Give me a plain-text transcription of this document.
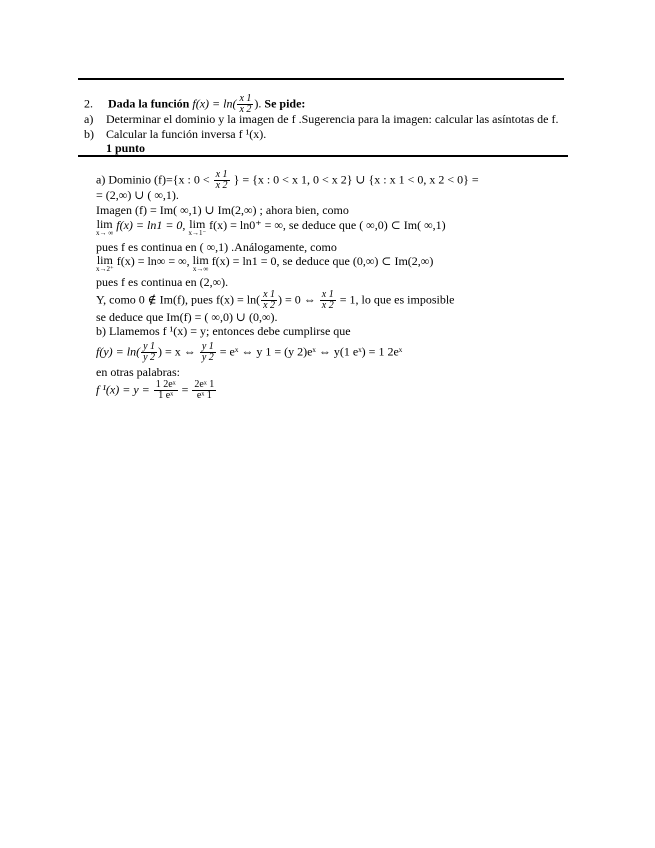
2. Dada la función $f(x) = \ln( \frac{x 1}{x 2}$ ). Se pide:
a) Determinar el dominio y la imagen de f .Sugerencia para la imagen: calcular las asíntotas de f.
b) Calcular la función inversa f ¹(x).
1 punto
a) Dominio (f)={x : $0 < \frac{x 1}{x 2}$ } = {x : 0 < x 1, 0 < x 2} ∪ {x : x 1 < 0, x 2 < 0} =
= (2,∞) ∪ ( ∞,1).
Imagen (f) = Im( ∞,1) ∪ Im(2,∞) ; ahora bien, como
lim
x→ ∞
f(x) = ln1 = 0, lim
x→1⁻
f(x) = ln0⁺ = ∞, se deduce que ( ∞,0) ⊂ Im( ∞,1)
pues f es continua en ( ∞,1) .Análogamente, como
lim
x→2⁺
f(x) = ln∞ = ∞, lim
x→∞
f(x) = ln1 = 0, se deduce que (0,∞) ⊂ Im(2,∞)
pues f es continua en (2,∞).
Y, como 0 ∉ Im(f), pues $f(x) = \ln( \frac{x 1}{x 2}$ ) = 0 ⇔ $\frac{x 1}{x 2} = 1$, lo que es imposible
se deduce que Im(f) = ( ∞,0) ∪ (0,∞).
b) Llamemos f ¹(x) = y; entonces debe cumplirse que
$f(y) = \ln( \frac{y 1}{y 2}$ ) = x ⇔ $\frac{y 1}{y 2}$ = eˣ ⇔ y 1 = (y 2)eˣ ⇔ y(1 eˣ) = 1 2eˣ
en otras palabras:
f $^1(x) = y = \frac{\text{1 2eˣ}}{\text{1 eˣ}} = \frac{\text{2eˣ 1}}{\text{eˣ 1}}$
